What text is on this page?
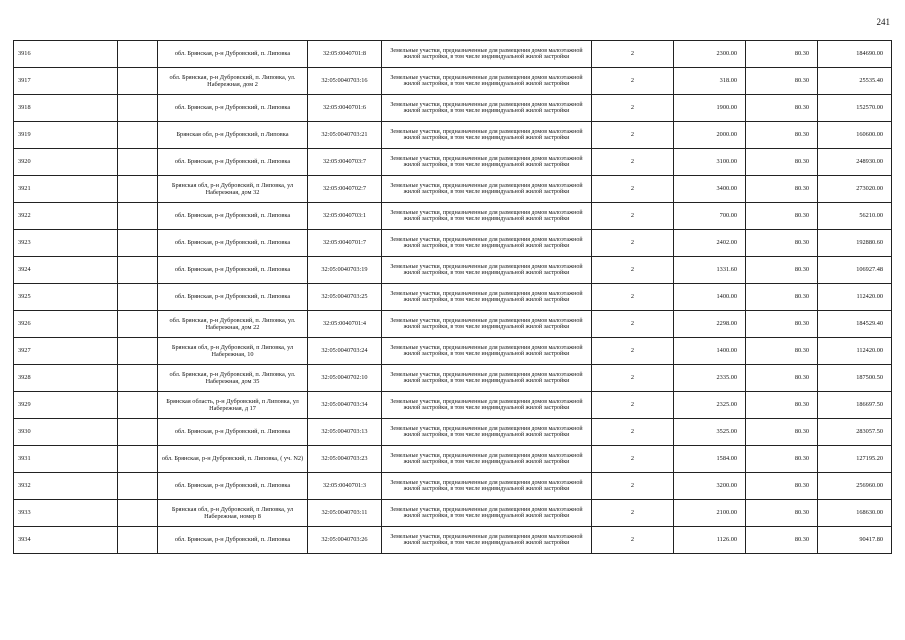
241
3916		обл. Брянская, р-н Дубровский, п. Липовка	32:05:0040701:8	Земельные участки, предназначенные для размещения домов малоэтажной жилой застройки, в том числе индивидуальной жилой застройки	2	2300.00	80.30	184690.00
3917		обл. Брянская, р-н Дубровский, п. Липовка, ул. Набережная, дом 2	32:05:0040703:16	Земельные участки, предназначенные для размещения домов малоэтажной жилой застройки, в том числе индивидуальной жилой застройки	2	318.00	80.30	25535.40
3918		обл. Брянская, р-н Дубровский, п. Липовка	32:05:0040701:6	Земельные участки, предназначенные для размещения домов малоэтажной жилой застройки, в том числе индивидуальной жилой застройки	2	1900.00	80.30	152570.00
3919		Брянская обл, р-н Дубровский, п Липовка	32:05:0040703:21	Земельные участки, предназначенные для размещения домов малоэтажной жилой застройки, в том числе индивидуальной жилой застройки	2	2000.00	80.30	160600.00
3920		обл. Брянская, р-н Дубровский, п. Липовка	32:05:0040703:7	Земельные участки, предназначенные для размещения домов малоэтажной жилой застройки, в том числе индивидуальной жилой застройки	2	3100.00	80.30	248930.00
3921		Брянская обл, р-н Дубровский, п Липовка, ул Набережная, дом 32	32:05:0040702:7	Земельные участки, предназначенные для размещения домов малоэтажной жилой застройки, в том числе индивидуальной жилой застройки	2	3400.00	80.30	273020.00
3922		обл. Брянская, р-н Дубровский, п. Липовка	32:05:0040703:1	Земельные участки, предназначенные для размещения домов малоэтажной жилой застройки, в том числе индивидуальной жилой застройки	2	700.00	80.30	56210.00
3923		обл. Брянская, р-н Дубровский, п. Липовка	32:05:0040701:7	Земельные участки, предназначенные для размещения домов малоэтажной жилой застройки, в том числе индивидуальной жилой застройки	2	2402.00	80.30	192880.60
3924		обл. Брянская, р-н Дубровский, п. Липовка	32:05:0040703:19	Земельные участки, предназначенные для размещения домов малоэтажной жилой застройки, в том числе индивидуальной жилой застройки	2	1331.60	80.30	106927.48
3925		обл. Брянская, р-н Дубровский, п. Липовка	32:05:0040703:25	Земельные участки, предназначенные для размещения домов малоэтажной жилой застройки, в том числе индивидуальной жилой застройки	2	1400.00	80.30	112420.00
3926		обл. Брянская, р-н Дубровский, п. Липовка, ул. Набережная, дом 22	32:05:0040701:4	Земельные участки, предназначенные для размещения домов малоэтажной жилой застройки, в том числе индивидуальной жилой застройки	2	2298.00	80.30	184529.40
3927		Брянская обл, р-н Дубровский, п Липовка, ул Набережная, 10	32:05:0040703:24	Земельные участки, предназначенные для размещения домов малоэтажной жилой застройки, в том числе индивидуальной жилой застройки	2	1400.00	80.30	112420.00
3928		обл. Брянская, р-н Дубровский, п. Липовка, ул. Набережная, дом 35	32:05:0040702:10	Земельные участки, предназначенные для размещения домов малоэтажной жилой застройки, в том числе индивидуальной жилой застройки	2	2335.00	80.30	187500.50
3929		Брянская область, р-н Дубровский, п Липовка, ул Набережная, д 17	32:05:0040703:34	Земельные участки, предназначенные для размещения домов малоэтажной жилой застройки, в том числе индивидуальной жилой застройки	2	2325.00	80.30	186697.50
3930		обл. Брянская, р-н Дубровский, п. Липовка	32:05:0040703:13	Земельные участки, предназначенные для размещения домов малоэтажной жилой застройки, в том числе индивидуальной жилой застройки	2	3525.00	80.30	283057.50
3931		обл. Брянская, р-н Дубровский, п. Липовка, ( уч. N2)	32:05:0040703:23	Земельные участки, предназначенные для размещения домов малоэтажной жилой застройки, в том числе индивидуальной жилой застройки	2	1584.00	80.30	127195.20
3932		обл. Брянская, р-н Дубровский, п. Липовка	32:05:0040701:3	Земельные участки, предназначенные для размещения домов малоэтажной жилой застройки, в том числе индивидуальной жилой застройки	2	3200.00	80.30	256960.00
3933		Брянская обл, р-н Дубровский, п Липовка, ул Набережная, номер 8	32:05:0040703:11	Земельные участки, предназначенные для размещения домов малоэтажной жилой застройки, в том числе индивидуальной жилой застройки	2	2100.00	80.30	168630.00
3934		обл. Брянская, р-н Дубровский, п. Липовка	32:05:0040703:26	Земельные участки, предназначенные для размещения домов малоэтажной жилой застройки, в том числе индивидуальной жилой застройки	2	1126.00	80.30	90417.80
